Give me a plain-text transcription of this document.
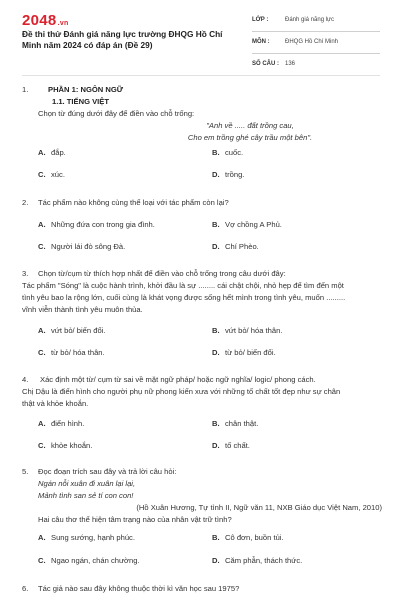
2048.vn
Đề thi thử Đánh giá năng lực trường ĐHQG Hồ Chí Minh năm 2024 có đáp án (Đề 29)
LỚP :	Đánh giá năng lực
MÔN :	ĐHQG Hồ Chí Minh
SỐ CÂU : 136
1.	PHẦN 1: NGÔN NGỮ
1.1. TIẾNG VIỆT
Chọn từ đúng dưới đây để điền vào chỗ trống:
"Anh về ..... đất trồng cau,
Cho em trồng ghé cây trầu một bên".
A. đắp.	B. cuốc.
C. xúc.	D. trồng.
2. Tác phẩm nào không cùng thể loại với tác phẩm còn lại?
A. Những đứa con trong gia đình.	B. Vợ chồng A Phủ.
C. Người lái đò sông Đà.	D. Chí Phèo.
3. Chọn từ/cụm từ thích hợp nhất để điền vào chỗ trống trong câu dưới đây:
Tác phẩm "Sóng" là cuộc hành trình, khởi đầu là sự ........ cái chật chội, nhỏ hẹp để tìm đến một
tình yêu bao la rộng lớn, cuối cùng là khát vọng được sống hết mình trong tình yêu, muốn .........
vĩnh viễn thành tình yêu muôn thủa.
A. vứt bỏ/ biến đổi.	B. vứt bỏ/ hóa thân.
C. từ bỏ/ hóa thân.	D. từ bỏ/ biến đổi.
4. Xác định một từ/ cụm từ sai về mặt ngữ pháp/ hoặc ngữ nghĩa/ logic/ phong cách.
Chị Dậu là điển hình cho người phụ nữ phong kiến xưa với những tố chất tốt đẹp như sự chân
thật và khỏe khoắn.
A. điển hình.	B. chân thật.
C. khỏe khoắn.	D. tố chất.
5. Đọc đoạn trích sau đây và trả lời câu hỏi:
Ngán nỗi xuân đi xuân lại lại,
Mảnh tình san sẻ tí con con!
(Hồ Xuân Hương, Tự tình II, Ngữ văn 11, NXB Giáo dục Việt Nam, 2010)
Hai câu thơ thể hiện tâm trạng nào của nhân vật trữ tình?
A. Sung sướng, hạnh phúc.	B. Cô đơn, buồn tủi.
C. Ngao ngán, chán chường.	D. Căm phẫn, thách thức.
6. Tác giả nào sau đây không thuộc thời kì văn học sau 1975?
